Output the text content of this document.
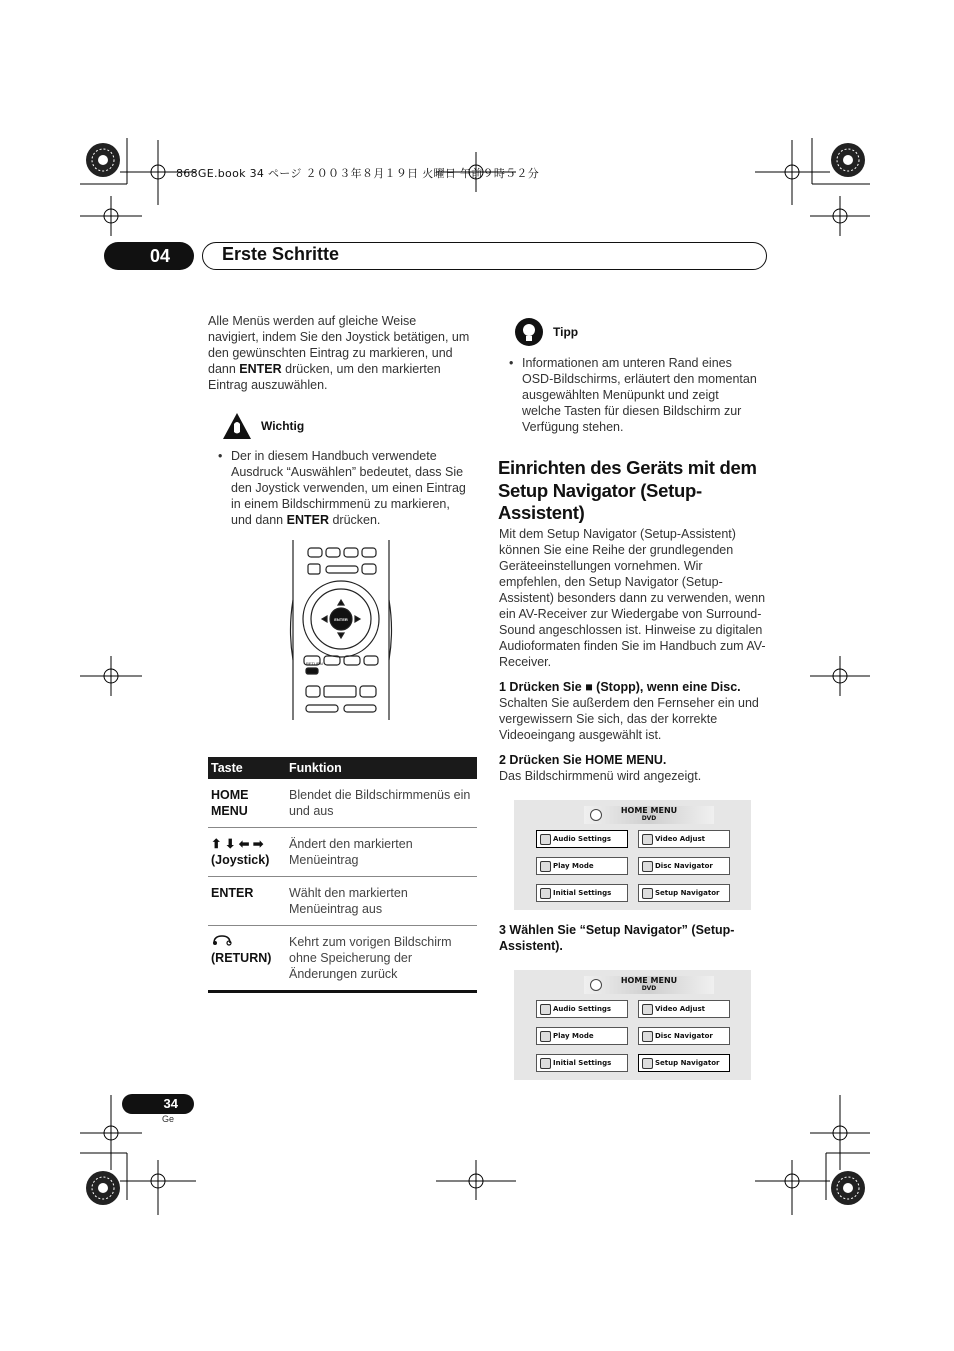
868GE.book 34 ページ ２００３年８月１９日 火曜日 午前９時５２分
04	Erste Schritte
Alle Menüs werden auf gleiche Weise navigiert, indem Sie den Joystick betätigen, um den gewünschten Eintrag zu markieren, und dann ENTER drücken, um den markierten Eintrag auszuwählen.
Wichtig
• Der in diesem Handbuch verwendete Ausdruck “Auswählen” bedeutet, dass Sie den Joystick verwenden, um einen Eintrag in einem Bildschirmmenü zu markieren, und dann ENTER drücken.
ENTER
RETURN
Taste	Funktion
HOME MENU	Blendet die Bildschirmmenüs ein und aus
⬆ ⬇ ⬅ ➡
(Joystick)	Ändert den markierten Menüeintrag
ENTER	Wählt den markierten Menüeintrag aus

(RETURN)	Kehrt zum vorigen Bildschirm ohne Speicherung der Änderungen zurück
Tipp
• Informationen am unteren Rand eines OSD-Bildschirms, erläutert den momentan ausgewählten Menüpunkt und zeigt welche Tasten für diesen Bildschirm zur Verfügung stehen.
Einrichten des Geräts mit dem Setup Navigator (Setup-Assistent)
Mit dem Setup Navigator (Setup-Assistent) können Sie eine Reihe der grundlegenden Geräteeinstellungen vornehmen. Wir empfehlen, den Setup Navigator (Setup-Assistent) besonders dann zu verwenden, wenn ein AV-Receiver zur Wiedergabe von Surround-Sound angeschlossen ist. Hinweise zu digitalen Audioformaten finden Sie im Handbuch zum AV-Receiver.
1 Drücken Sie ■ (Stopp), wenn eine Disc.
Schalten Sie außerdem den Fernseher ein und vergewissern Sie sich, das der korrekte Videoeingang ausgewählt ist.
2 Drücken Sie HOME MENU.
Das Bildschirmmenü wird angezeigt.
HOME MENU
DVD
Audio Settings	Video Adjust
Play Mode	Disc Navigator
Initial Settings	Setup Navigator
3 Wählen Sie “Setup Navigator” (Setup-Assistent).
HOME MENU
DVD
Audio Settings	Video Adjust
Play Mode	Disc Navigator
Initial Settings	Setup Navigator
34
Ge
